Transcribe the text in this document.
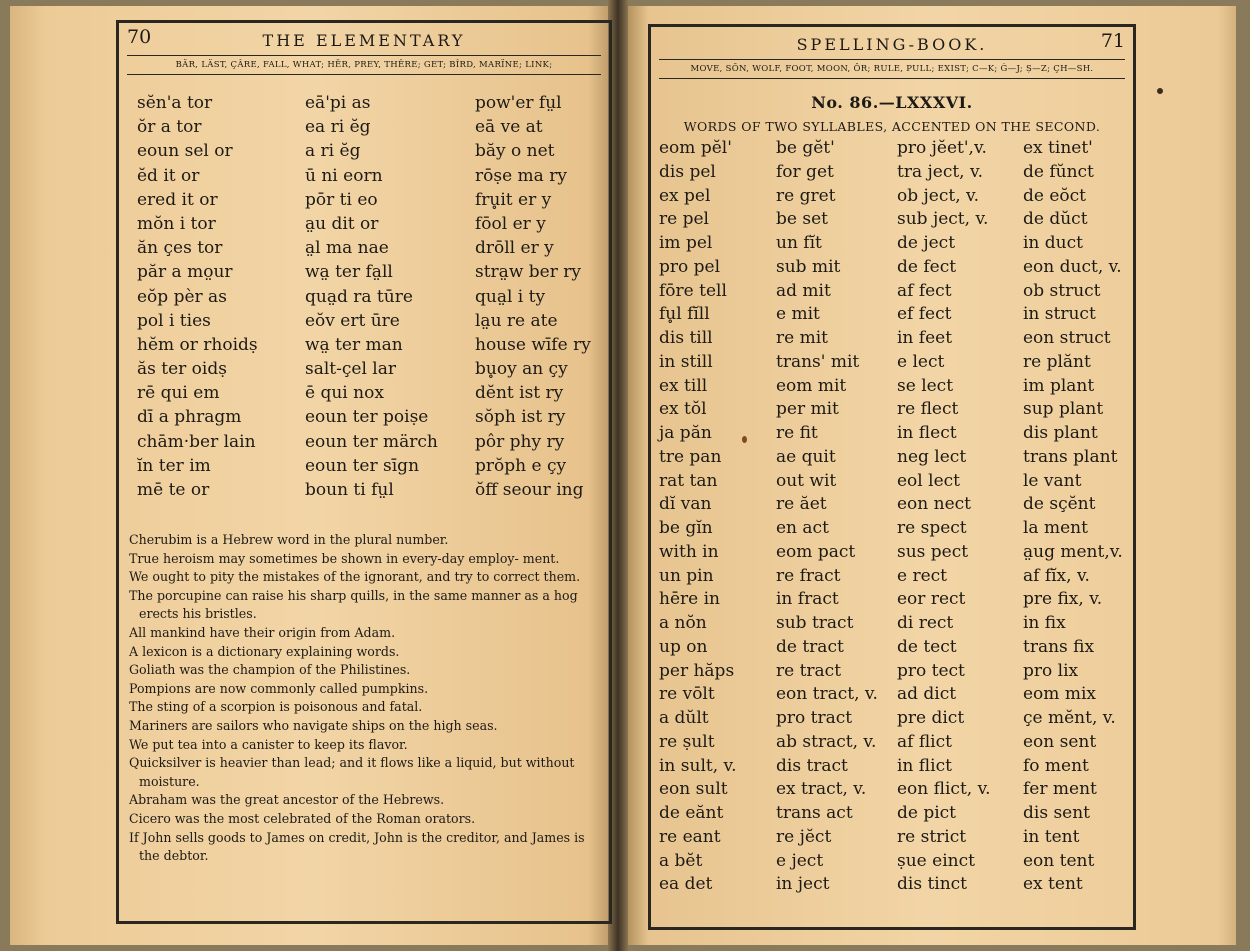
70	THE ELEMENTARY
BÄR, LÄST, ÇÂRE, FALL, WHAT; HĒR, PREY, THÊRE; GET; BÎRD, MARÏNE; LINK;
sĕn'a tor
ŏr a tor
eoun sel or
ĕd it or
ered it or
mŏn i tor
ăn çes tor
păr a mo̤ur
eŏp pèr as
pol i ties
hĕm or rhoidṣ
ăs ter oidṣ
rē qui em
dī a phragm
chām·ber lain
ĭn ter im
mē te or
eā'pi as
ea ri ĕg
a ri ĕg
ū ni eorn
pōr ti eo
a̤u dit or
a̤l ma nae
wa̤ ter fa̤ll
qua̤d ra tūre
eŏv ert ūre
wa̤ ter man
salt-çel lar
ē qui nox
eoun ter poiṣe
eoun ter märch
eoun ter sīgn
boun ti fṳl
pow'er fṳl
eā ve at
băy o net
rōṣe ma ry
fru̥it er y
fōol er y
drōll er y
stra̤w ber ry
qua̤l i ty
la̤u re ate
house wīfe ry
bu̥oy an çy
dĕnt ist ry
sŏph ist ry
pôr phy ry
prŏph e çy
ŏff seour ing
Cherubim is a Hebrew word in the plural number.
True heroism may sometimes be shown in every-day employ- ment.
We ought to pity the mistakes of the ignorant, and try to correct them.
The porcupine can raise his sharp quills, in the same manner as a hog erects his bristles.
All mankind have their origin from Adam.
A lexicon is a dictionary explaining words.
Goliath was the champion of the Philistines.
Pompions are now commonly called pumpkins.
The sting of a scorpion is poisonous and fatal.
Mariners are sailors who navigate ships on the high seas.
We put tea into a canister to keep its flavor.
Quicksilver is heavier than lead; and it flows like a liquid, but without moisture.
Abraham was the great ancestor of the Hebrews.
Cicero was the most celebrated of the Roman orators.
If John sells goods to James on credit, John is the creditor, and James is the debtor.
SPELLING-BOOK.	71
MOVE, SŎN, WOLF, FOOT, MOON, ÔR; RULE, PULL; EXIST; C—K; Ġ—J; Ș—Z; ÇH—SH.
No. 86.—LXXXVI.
WORDS OF TWO SYLLABLES, ACCENTED ON THE SECOND.
eom pĕl'
dis pel
ex pel
re pel
im pel
pro pel
fōre tell
fu̥l fĭll
dis till
in still
ex till
ex tŏl
ja păn
tre pan
rat tan
dĭ van
be gĭn
with in
un pin
hēre in
a nŏn
up on
per hăps
re vōlt
a dŭlt
re ṣult
in sult, v.
eon sult
de eănt
re eant
a bĕt
ea det
be gĕt'
for get
re gret
be set
un fĭt
sub mit
ad mit
e mit
re mit
trans' mit
eom mit
per mit
re fit
ae quit
out wit
re ăet
en act
eom pact
re fract
in fract
sub tract
de tract
re tract
eon tract, v.
pro tract
ab stract, v.
dis tract
ex tract, v.
trans act
re jĕct
e ject
in ject
pro jĕet',v.
tra ject, v.
ob ject, v.
sub ject, v.
de ject
de fect
af fect
ef fect
in feet
e lect
se lect
re flect
in flect
neg lect
eol lect
eon nect
re spect
sus pect
e rect
eor rect
di rect
de tect
pro tect
ad dict
pre dict
af flict
in flict
eon flict, v.
de pict
re strict
ṣue einct
dis tinct
ex tinet'
de fŭnct
de eŏct
de dŭct
in duct
eon duct, v.
ob struct
in struct
eon struct
re plănt
im plant
sup plant
dis plant
trans plant
le vant
de sçĕnt
la ment
a̤ug ment,v.
af fĭx, v.
pre fix, v.
in fix
trans fix
pro lix
eom mix
çe mĕnt, v.
eon sent
fo ment
fer ment
dis sent
in tent
eon tent
ex tent
